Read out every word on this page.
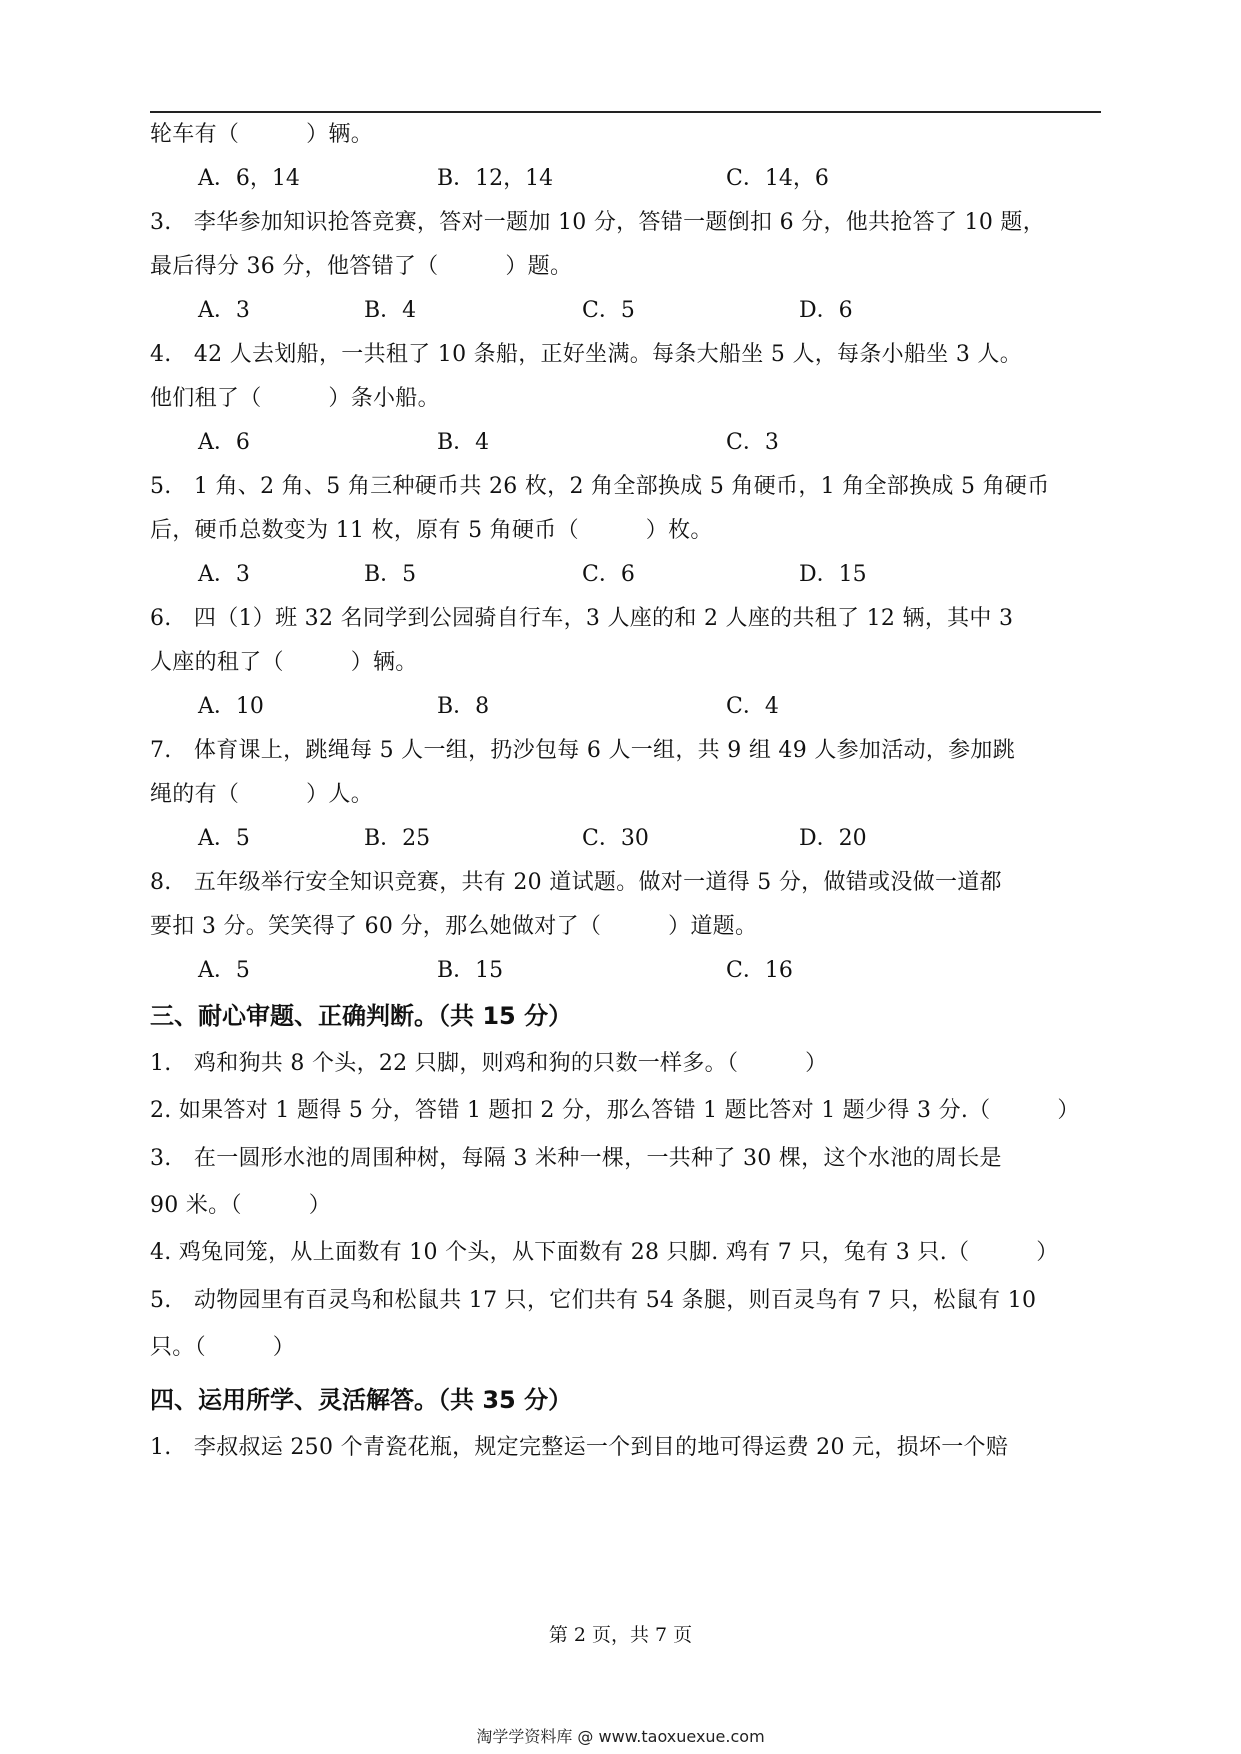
轮车有（　　　）辆。
A．6，14	B．12，14	C．14，6
3.　李华参加知识抢答竞赛，答对一题加 10 分，答错一题倒扣 6 分，他共抢答了 10 题，
最后得分 36 分，他答错了（　　　）题。
A．3	B．4	C．5	D．6
4.　42 人去划船，一共租了 10 条船，正好坐满。每条大船坐 5 人，每条小船坐 3 人。
他们租了（　　　）条小船。
A．6	B．4	C．3
5.　1 角、2 角、5 角三种硬币共 26 枚，2 角全部换成 5 角硬币，1 角全部换成 5 角硬币
后，硬币总数变为 11 枚，原有 5 角硬币（　　　）枚。
A．3	B．5	C．6	D．15
6.　四（1）班 32 名同学到公园骑自行车，3 人座的和 2 人座的共租了 12 辆，其中 3
人座的租了（　　　）辆。
A．10	B．8	C．4
7.　体育课上，跳绳每 5 人一组，扔沙包每 6 人一组，共 9 组 49 人参加活动，参加跳
绳的有（　　　）人。
A．5	B．25	C．30	D．20
8.　五年级举行安全知识竞赛，共有 20 道试题。做对一道得 5 分，做错或没做一道都
要扣 3 分。笑笑得了 60 分，那么她做对了（　　　）道题。
A．5	B．15	C．16
三、耐心审题、正确判断。（共 15 分）
1.　鸡和狗共 8 个头，22 只脚，则鸡和狗的只数一样多。（　　　）
2. 如果答对 1 题得 5 分，答错 1 题扣 2 分，那么答错 1 题比答对 1 题少得 3 分.（　　　）
3.　在一圆形水池的周围种树，每隔 3 米种一棵，一共种了 30 棵，这个水池的周长是
90 米。（　　　）
4. 鸡兔同笼，从上面数有 10 个头，从下面数有 28 只脚. 鸡有 7 只，兔有 3 只.（　　　）
5.　动物园里有百灵鸟和松鼠共 17 只，它们共有 54 条腿，则百灵鸟有 7 只，松鼠有 10
只。（　　　）
四、运用所学、灵活解答。（共 35 分）
1.　李叔叔运 250 个青瓷花瓶，规定完整运一个到目的地可得运费 20 元，损坏一个赔
第 2 页，共 7 页
淘学学资料库 @ www.taoxuexue.com
